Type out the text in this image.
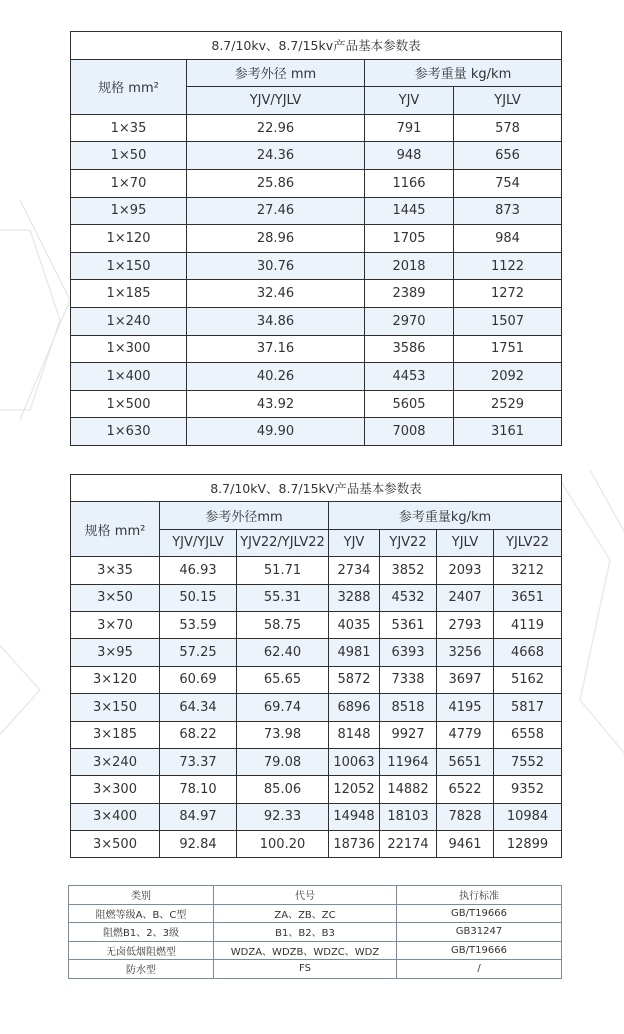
8.7/10kv、8.7/15kv产品基本参数表			
规格 mm²	参考外径 mm	参考重量 kg/km	
	YJV/YJLV	YJV	YJLV
1×35	22.96	791	578
1×50	24.36	948	656
1×70	25.86	1166	754
1×95	27.46	1445	873
1×120	28.96	1705	984
1×150	30.76	2018	1122
1×185	32.46	2389	1272
1×240	34.86	2970	1507
1×300	37.16	3586	1751
1×400	40.26	4453	2092
1×500	43.92	5605	2529
1×630	49.90	7008	3161
8.7/10kV、8.7/15kV产品基本参数表						
规格 mm²	参考外径mm		参考重量kg/km			
	YJV/YJLV	YJV22/YJLV22	YJV	YJV22	YJLV	YJLV22
3×35	46.93	51.71	2734	3852	2093	3212
3×50	50.15	55.31	3288	4532	2407	3651
3×70	53.59	58.75	4035	5361	2793	4119
3×95	57.25	62.40	4981	6393	3256	4668
3×120	60.69	65.65	5872	7338	3697	5162
3×150	64.34	69.74	6896	8518	4195	5817
3×185	68.22	73.98	8148	9927	4779	6558
3×240	73.37	79.08	10063	11964	5651	7552
3×300	78.10	85.06	12052	14882	6522	9352
3×400	84.97	92.33	14948	18103	7828	10984
3×500	92.84	100.20	18736	22174	9461	12899
类别	代号	执行标准
阻燃等级A、B、C型	ZA、ZB、ZC	GB/T19666
阻燃B1、2、3级	B1、B2、B3	GB31247
无卤低烟阻燃型	WDZA、WDZB、WDZC、WDZ	GB/T19666
防水型	FS	/
